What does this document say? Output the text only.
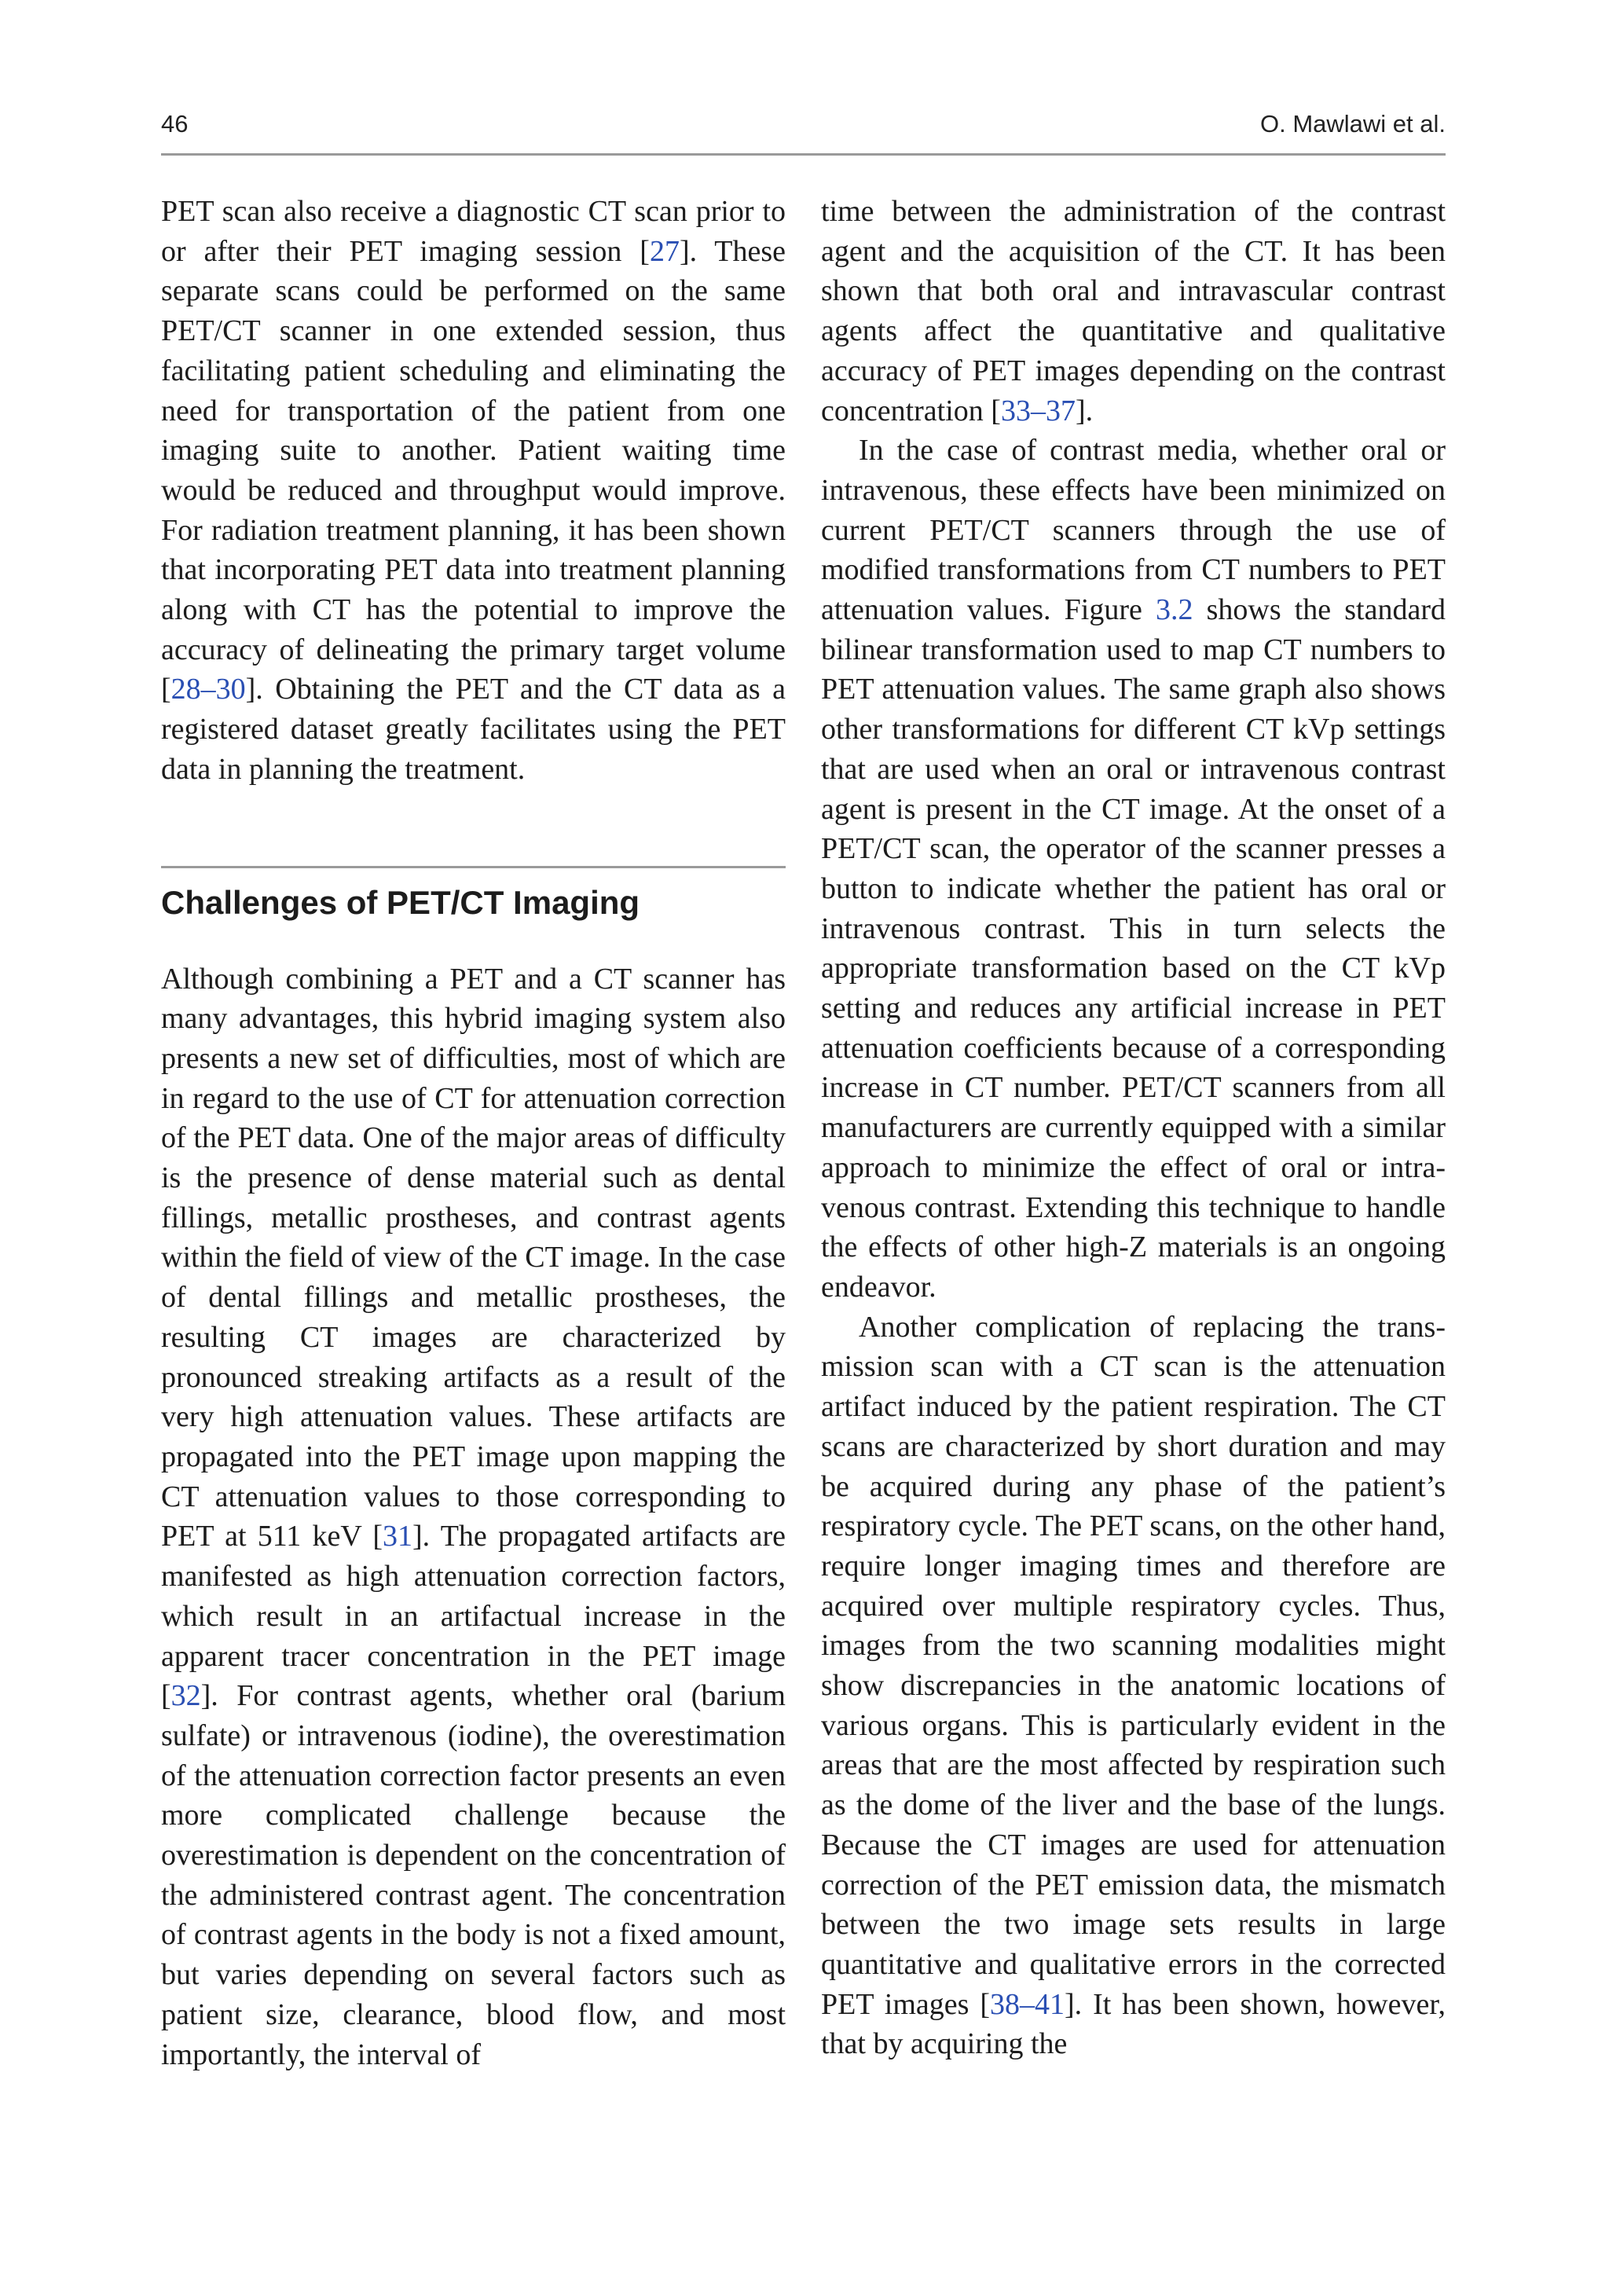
46	O. Mawlawi et al.

PET scan also receive a diagnostic CT scan prior to or after their PET imaging session [27]. These separate scans could be performed on the same PET/CT scanner in one extended session, thus facilitating patient scheduling and eliminating the need for transportation of the patient from one imaging suite to another. Patient waiting time would be reduced and throughput would improve. For radiation treatment planning, it has been shown that incorporating PET data into treatment planning along with CT has the potential to improve the accuracy of delineating the primary target volume [28–30]. Obtaining the PET and the CT data as a registered dataset greatly facilitates using the PET data in planning the treatment.

Challenges of PET/CT Imaging

Although combining a PET and a CT scanner has many advantages, this hybrid imaging system also presents a new set of difficulties, most of which are in regard to the use of CT for attenuation correction of the PET data. One of the major areas of difficulty is the presence of dense material such as dental fillings, metallic prostheses, and contrast agents within the field of view of the CT image. In the case of dental fillings and metallic prostheses, the resulting CT images are characterized by pronounced streaking artifacts as a result of the very high attenuation values. These artifacts are propagated into the PET image upon mapping the CT attenuation values to those corresponding to PET at 511 keV [31]. The propagated artifacts are manifested as high attenuation correction factors, which result in an artifactual increase in the apparent tracer concentration in the PET image [32]. For contrast agents, whether oral (barium sulfate) or intravenous (iodine), the overestimation of the attenuation correction factor presents an even more complicated challenge because the overestimation is dependent on the concentration of the administered contrast agent. The concentration of contrast agents in the body is not a fixed amount, but varies depending on several factors such as patient size, clearance, blood flow, and most importantly, the interval of

time between the administration of the contrast agent and the acquisition of the CT. It has been shown that both oral and intravascular contrast agents affect the quantitative and qualitative accuracy of PET images depending on the contrast concentration [33–37].

In the case of contrast media, whether oral or intravenous, these effects have been minimized on current PET/CT scanners through the use of modified transformations from CT numbers to PET attenuation values. Figure 3.2 shows the standard bilinear transformation used to map CT numbers to PET attenuation values. The same graph also shows other transformations for different CT kVp settings that are used when an oral or intravenous contrast agent is present in the CT image. At the onset of a PET/CT scan, the operator of the scanner presses a button to indicate whether the patient has oral or intravenous contrast. This in turn selects the appropriate transformation based on the CT kVp setting and reduces any artificial increase in PET attenuation coefficients because of a corresponding increase in CT number. PET/CT scanners from all manufacturers are currently equipped with a similar approach to minimize the effect of oral or intravenous contrast. Extending this technique to handle the effects of other high-Z materials is an ongoing endeavor.

Another complication of replacing the transmission scan with a CT scan is the attenuation artifact induced by the patient respiration. The CT scans are characterized by short duration and may be acquired during any phase of the patient’s respiratory cycle. The PET scans, on the other hand, require longer imaging times and therefore are acquired over multiple respiratory cycles. Thus, images from the two scanning modalities might show discrepancies in the anatomic locations of various organs. This is particularly evident in the areas that are the most affected by respiration such as the dome of the liver and the base of the lungs. Because the CT images are used for attenuation correction of the PET emission data, the mismatch between the two image sets results in large quantitative and qualitative errors in the corrected PET images [38–41]. It has been shown, however, that by acquiring the
